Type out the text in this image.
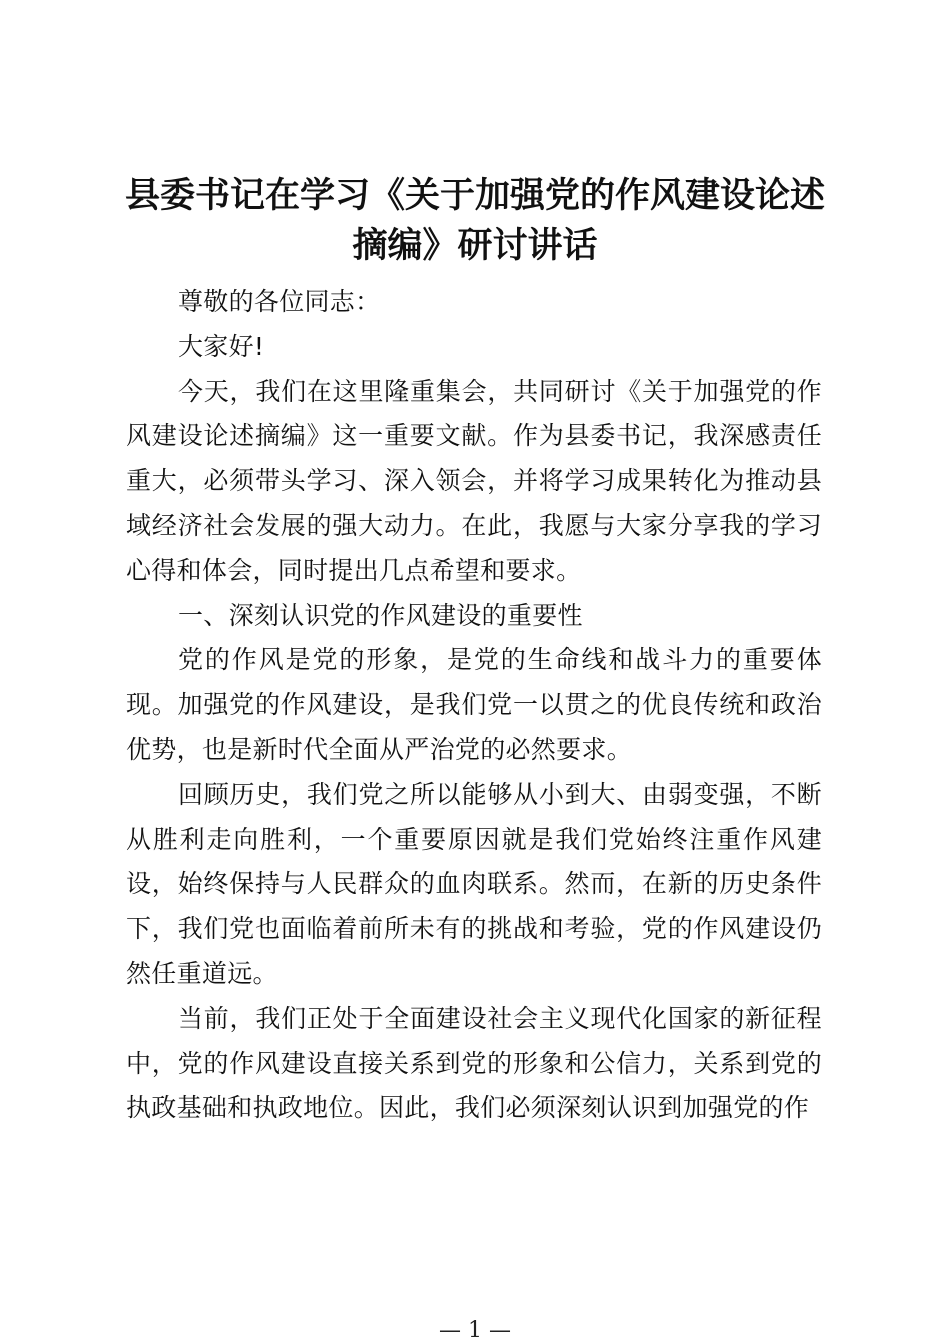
县委书记在学习《关于加强党的作风建设论述
摘编》研讨讲话

尊敬的各位同志：

大家好!

今天，我们在这里隆重集会，共同研讨《关于加强党的作风建设论述摘编》这一重要文献。作为县委书记，我深感责任重大，必须带头学习、深入领会，并将学习成果转化为推动县域经济社会发展的强大动力。在此，我愿与大家分享我的学习心得和体会，同时提出几点希望和要求。

一、深刻认识党的作风建设的重要性

党的作风是党的形象，是党的生命线和战斗力的重要体现。加强党的作风建设，是我们党一以贯之的优良传统和政治优势，也是新时代全面从严治党的必然要求。

回顾历史，我们党之所以能够从小到大、由弱变强，不断从胜利走向胜利，一个重要原因就是我们党始终注重作风建设，始终保持与人民群众的血肉联系。然而，在新的历史条件下，我们党也面临着前所未有的挑战和考验，党的作风建设仍然任重道远。

当前，我们正处于全面建设社会主义现代化国家的新征程中，党的作风建设直接关系到党的形象和公信力，关系到党的执政基础和执政地位。因此，我们必须深刻认识到加强党的作

— 1 —
